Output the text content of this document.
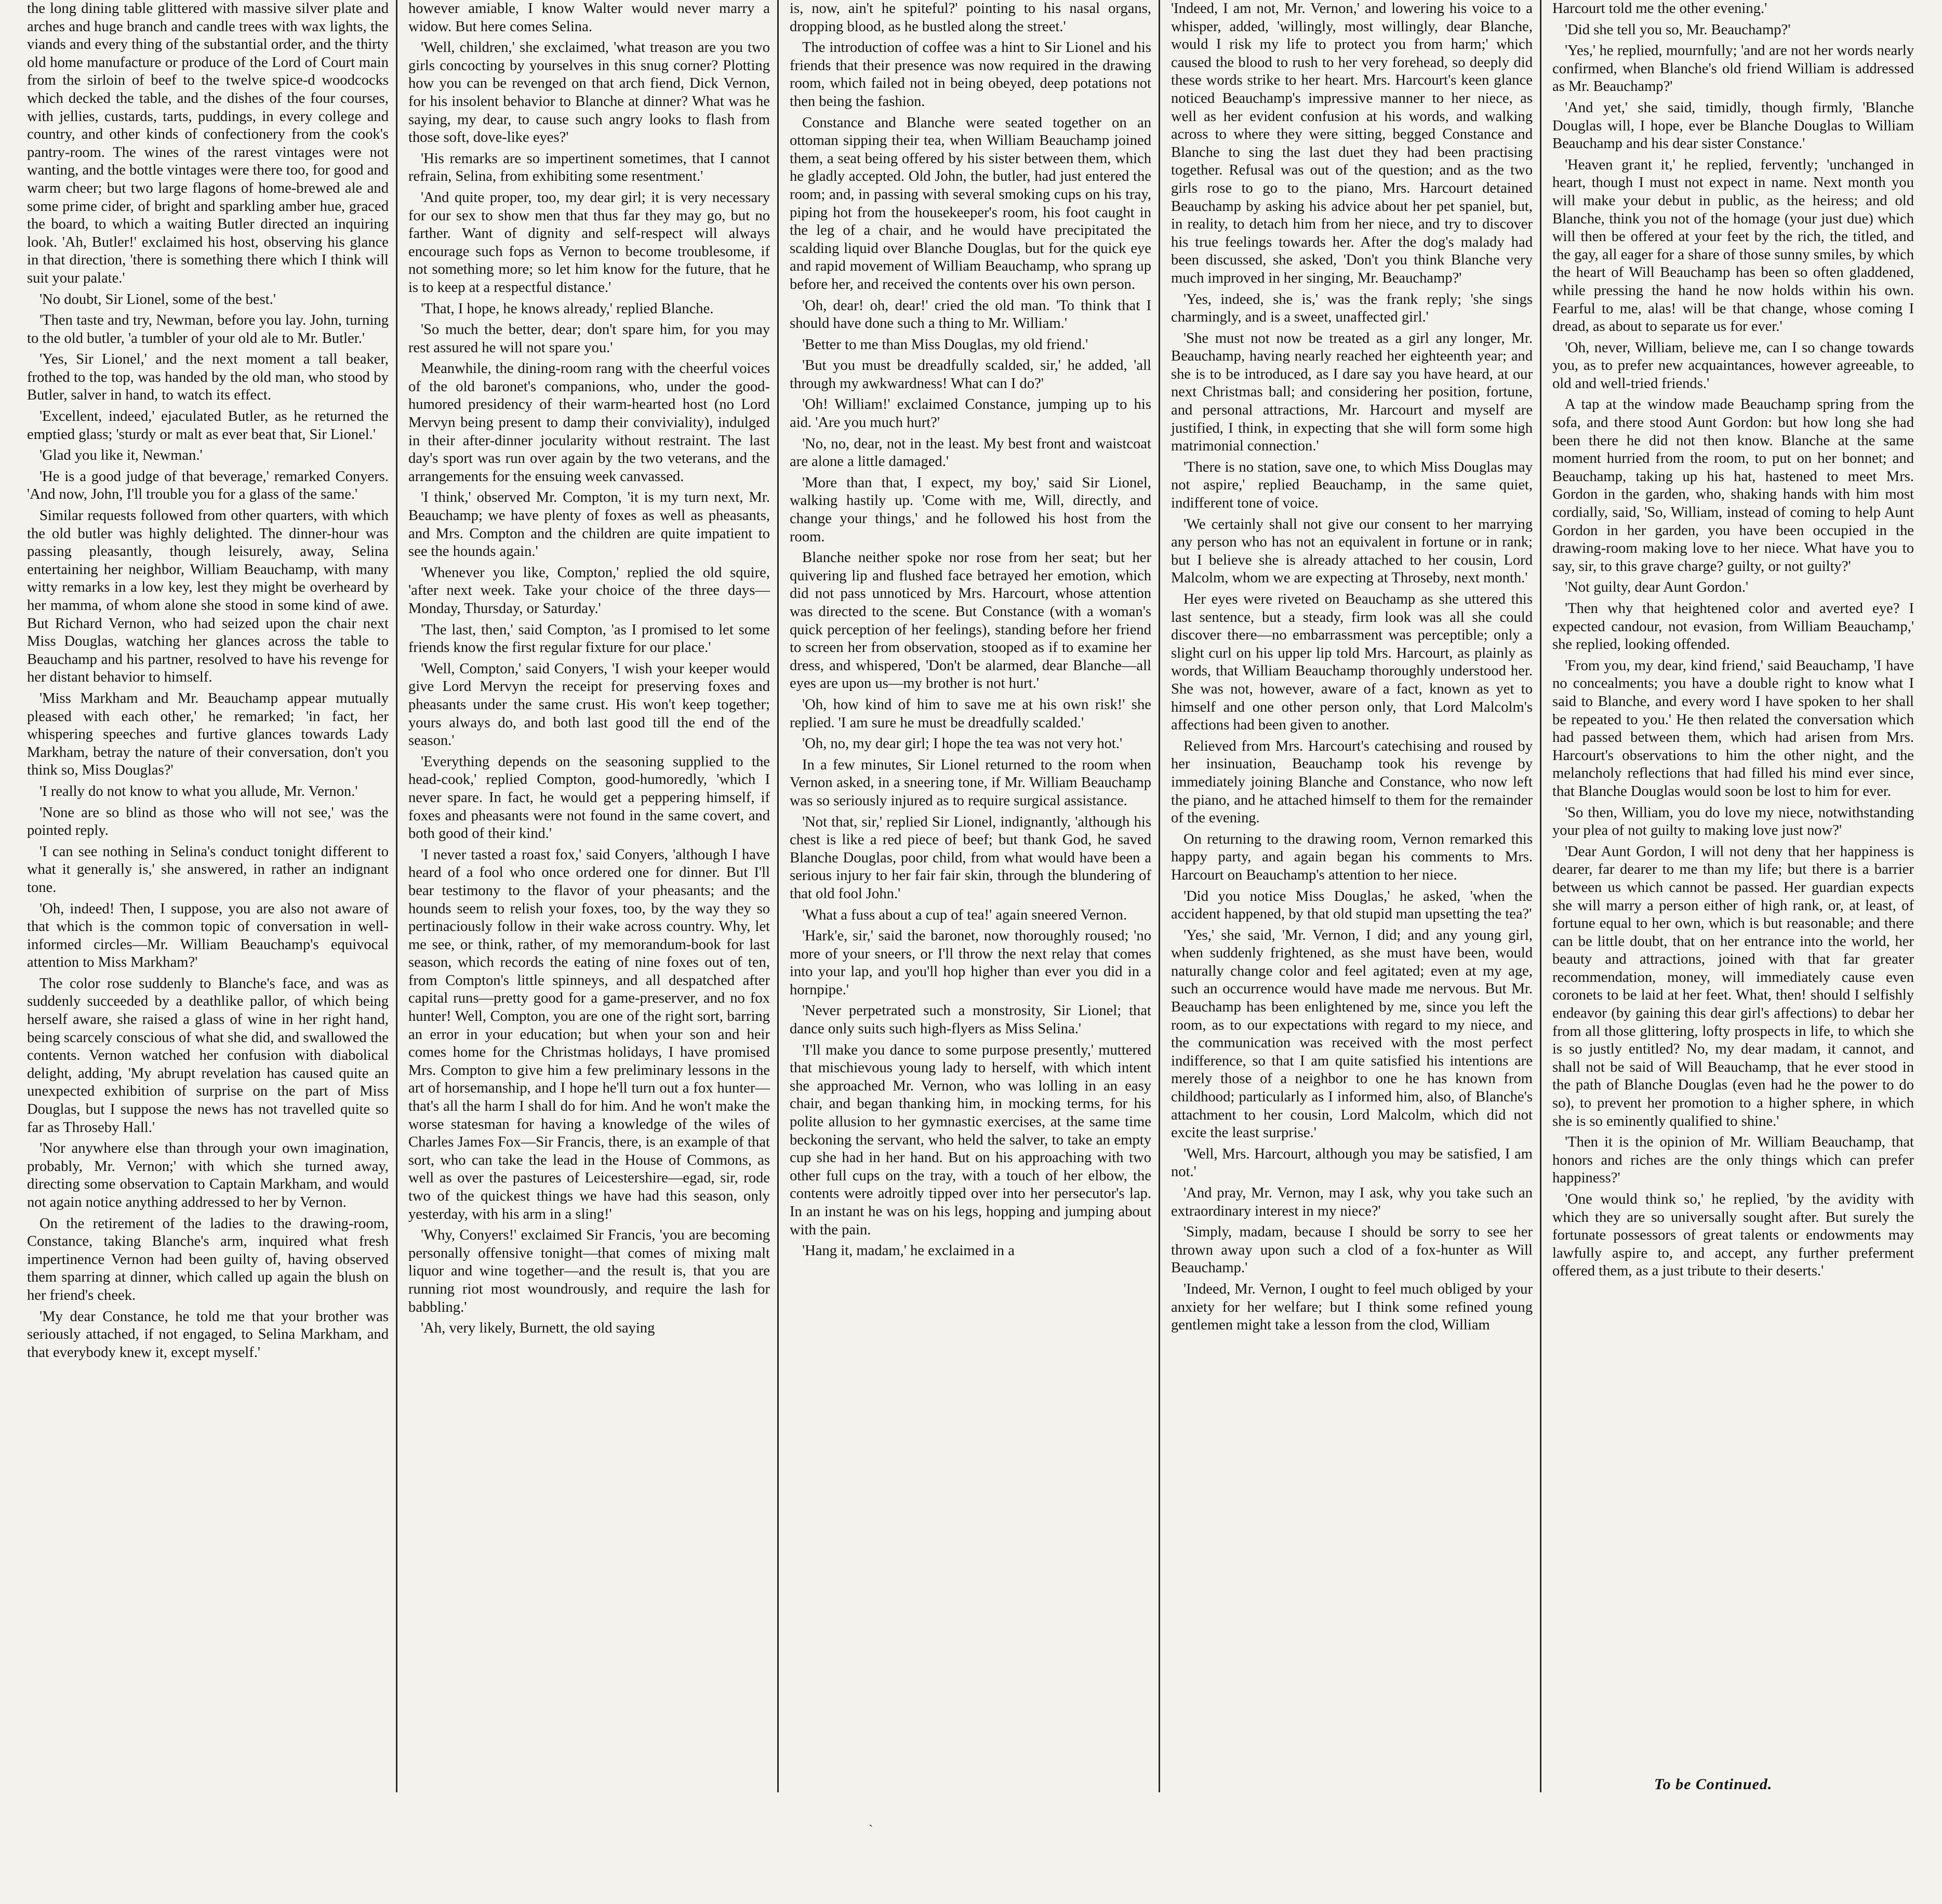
the long dining table glittered with massive silver plate and arches and huge branch and candle trees with wax lights, the viands and every thing of the substantial order, and the thirty old home manufacture or produce of the Lord of Court main from the sirloin of beef to the twelve spice-d woodcocks which decked the table, and the dishes of the four courses, with jellies, custards, tarts, puddings, in every college and country, and other kinds of confectionery from the cook's pantry-room. The wines of the rarest vintages were not wanting, and the bottle vintages were there too, for good and warm cheer; but two large flagons of home-brewed ale and some prime cider, of bright and sparkling amber hue, graced the board, to which a waiting Butler directed an inquiring look. 'Ah, Butler!' exclaimed his host, observing his glance in that direction, 'there is something there which I think will suit your palate.'

'No doubt, Sir Lionel, some of the best.'

'Then taste and try, Newman, before you lay. John, turning to the old butler, 'a tumbler of your old ale to Mr. Butler.'

'Yes, Sir Lionel,' and the next moment a tall beaker, frothed to the top, was handed by the old man, who stood by Butler, salver in hand, to watch its effect.

'Excellent, indeed,' ejaculated Butler, as he returned the emptied glass; 'sturdy or malt as ever beat that, Sir Lionel.'

'Glad you like it, Newman.'

'He is a good judge of that beverage,' remarked Conyers. 'And now, John, I'll trouble you for a glass of the same.'

Similar requests followed from other quarters, with which the old butler was highly delighted. The dinner-hour was passing pleasantly, though leisurely, away, Selina entertaining her neighbor, William Beauchamp, with many witty remarks in a low key, lest they might be overheard by her mamma, of whom alone she stood in some kind of awe. But Richard Vernon, who had seized upon the chair next Miss Douglas, watching her glances across the table to Beauchamp and his partner, resolved to have his revenge for her distant behavior to himself.

'Miss Markham and Mr. Beauchamp appear mutually pleased with each other,' he remarked; 'in fact, her whispering speeches and furtive glances towards Lady Markham, betray the nature of their conversation, don't you think so, Miss Douglas?'

'I really do not know to what you allude, Mr. Vernon.'

'None are so blind as those who will not see,' was the pointed reply.

'I can see nothing in Selina's conduct tonight different to what it generally is,' she answered, in rather an indignant tone.

'Oh, indeed! Then, I suppose, you are also not aware of that which is the common topic of conversation in well-informed circles—Mr. William Beauchamp's equivocal attention to Miss Markham?'

The color rose suddenly to Blanche's face, and was as suddenly succeeded by a deathlike pallor, of which being herself aware, she raised a glass of wine in her right hand, being scarcely conscious of what she did, and swallowed the contents. Vernon watched her confusion with diabolical delight, adding, 'My abrupt revelation has caused quite an unexpected exhibition of surprise on the part of Miss Douglas, but I suppose the news has not travelled quite so far as Throseby Hall.'

'Nor anywhere else than through your own imagination, probably, Mr. Vernon;' with which she turned away, directing some observation to Captain Markham, and would not again notice anything addressed to her by Vernon.

On the retirement of the ladies to the drawing-room, Constance, taking Blanche's arm, inquired what fresh impertinence Vernon had been guilty of, having observed them sparring at dinner, which called up again the blush on her friend's cheek.

'My dear Constance, he told me that your brother was seriously attached, if not engaged, to Selina Markham, and that everybody knew it, except myself.'

however amiable, I know Walter would never marry a widow. But here comes Selina.

'Well, children,' she exclaimed, 'what treason are you two girls concocting by yourselves in this snug corner? Plotting how you can be revenged on that arch fiend, Dick Vernon, for his insolent behavior to Blanche at dinner? What was he saying, my dear, to cause such angry looks to flash from those soft, dove-like eyes?'

'His remarks are so impertinent sometimes, that I cannot refrain, Selina, from exhibiting some resentment.'

'And quite proper, too, my dear girl; it is very necessary for our sex to show men that thus far they may go, but no farther. Want of dignity and self-respect will always encourage such fops as Vernon to become troublesome, if not something more; so let him know for the future, that he is to keep at a respectful distance.'

'That, I hope, he knows already,' replied Blanche.

'So much the better, dear; don't spare him, for you may rest assured he will not spare you.'

Meanwhile, the dining-room rang with the cheerful voices of the old baronet's companions, who, under the good-humored presidency of their warm-hearted host (no Lord Mervyn being present to damp their conviviality), indulged in their after-dinner jocularity without restraint. The last day's sport was run over again by the two veterans, and the arrangements for the ensuing week canvassed.

'I think,' observed Mr. Compton, 'it is my turn next, Mr. Beauchamp; we have plenty of foxes as well as pheasants, and Mrs. Compton and the children are quite impatient to see the hounds again.'

'Whenever you like, Compton,' replied the old squire, 'after next week. Take your choice of the three days—Monday, Thursday, or Saturday.'

'The last, then,' said Compton, 'as I promised to let some friends know the first regular fixture for our place.'

'Well, Compton,' said Conyers, 'I wish your keeper would give Lord Mervyn the receipt for preserving foxes and pheasants under the same crust. His won't keep together; yours always do, and both last good till the end of the season.'

'Everything depends on the seasoning supplied to the head-cook,' replied Compton, good-humoredly, 'which I never spare. In fact, he would get a peppering himself, if foxes and pheasants were not found in the same covert, and both good of their kind.'

'I never tasted a roast fox,' said Conyers, 'although I have heard of a fool who once ordered one for dinner. But I'll bear testimony to the flavor of your pheasants; and the hounds seem to relish your foxes, too, by the way they so pertinaciously follow in their wake across country. Why, let me see, or think, rather, of my memorandum-book for last season, which records the eating of nine foxes out of ten, from Compton's little spinneys, and all despatched after capital runs—pretty good for a game-preserver, and no fox hunter! Well, Compton, you are one of the right sort, barring an error in your education; but when your son and heir comes home for the Christmas holidays, I have promised Mrs. Compton to give him a few preliminary lessons in the art of horsemanship, and I hope he'll turn out a fox hunter—that's all the harm I shall do for him. And he won't make the worse statesman for having a knowledge of the wiles of Charles James Fox—Sir Francis, there, is an example of that sort, who can take the lead in the House of Commons, as well as over the pastures of Leicestershire—egad, sir, rode two of the quickest things we have had this season, only yesterday, with his arm in a sling!'

'Why, Conyers!' exclaimed Sir Francis, 'you are becoming personally offensive tonight—that comes of mixing malt liquor and wine together—and the result is, that you are running riot most woundrously, and require the lash for babbling.'

'Ah, very likely, Burnett, the old saying

is, now, ain't he spiteful?' pointing to his nasal organs, dropping blood, as he bustled along the street.'

The introduction of coffee was a hint to Sir Lionel and his friends that their presence was now required in the drawing room, which failed not in being obeyed, deep potations not then being the fashion.

Constance and Blanche were seated together on an ottoman sipping their tea, when William Beauchamp joined them, a seat being offered by his sister between them, which he gladly accepted. Old John, the butler, had just entered the room; and, in passing with several smoking cups on his tray, piping hot from the housekeeper's room, his foot caught in the leg of a chair, and he would have precipitated the scalding liquid over Blanche Douglas, but for the quick eye and rapid movement of William Beauchamp, who sprang up before her, and received the contents over his own person.

'Oh, dear! oh, dear!' cried the old man. 'To think that I should have done such a thing to Mr. William.'

'Better to me than Miss Douglas, my old friend.'

'But you must be dreadfully scalded, sir,' he added, 'all through my awkwardness! What can I do?'

'Oh! William!' exclaimed Constance, jumping up to his aid. 'Are you much hurt?'

'No, no, dear, not in the least. My best front and waistcoat are alone a little damaged.'

'More than that, I expect, my boy,' said Sir Lionel, walking hastily up. 'Come with me, Will, directly, and change your things,' and he followed his host from the room.

Blanche neither spoke nor rose from her seat; but her quivering lip and flushed face betrayed her emotion, which did not pass unnoticed by Mrs. Harcourt, whose attention was directed to the scene. But Constance (with a woman's quick perception of her feelings), standing before her friend to screen her from observation, stooped as if to examine her dress, and whispered, 'Don't be alarmed, dear Blanche—all eyes are upon us—my brother is not hurt.'

'Oh, how kind of him to save me at his own risk!' she replied. 'I am sure he must be dreadfully scalded.'

'Oh, no, my dear girl; I hope the tea was not very hot.'

In a few minutes, Sir Lionel returned to the room when Vernon asked, in a sneering tone, if Mr. William Beauchamp was so seriously injured as to require surgical assistance.

'Not that, sir,' replied Sir Lionel, indignantly, 'although his chest is like a red piece of beef; but thank God, he saved Blanche Douglas, poor child, from what would have been a serious injury to her fair fair skin, through the blundering of that old fool John.'

'What a fuss about a cup of tea!' again sneered Vernon.

'Hark'e, sir,' said the baronet, now thoroughly roused; 'no more of your sneers, or I'll throw the next relay that comes into your lap, and you'll hop higher than ever you did in a hornpipe.'

'Never perpetrated such a monstrosity, Sir Lionel; that dance only suits such high-flyers as Miss Selina.'

'I'll make you dance to some purpose presently,' muttered that mischievous young lady to herself, with which intent she approached Mr. Vernon, who was lolling in an easy chair, and began thanking him, in mocking terms, for his polite allusion to her gymnastic exercises, at the same time beckoning the servant, who held the salver, to take an empty cup she had in her hand. But on his approaching with two other full cups on the tray, with a touch of her elbow, the contents were adroitly tipped over into her persecutor's lap. In an instant he was on his legs, hopping and jumping about with the pain.

'Hang it, madam,' he exclaimed in a

'Indeed, I am not, Mr. Vernon,' and lowering his voice to a whisper, added, 'willingly, most willingly, dear Blanche, would I risk my life to protect you from harm;' which caused the blood to rush to her very forehead, so deeply did these words strike to her heart. Mrs. Harcourt's keen glance noticed Beauchamp's impressive manner to her niece, as well as her evident confusion at his words, and walking across to where they were sitting, begged Constance and Blanche to sing the last duet they had been practising together. Refusal was out of the question; and as the two girls rose to go to the piano, Mrs. Harcourt detained Beauchamp by asking his advice about her pet spaniel, but, in reality, to detach him from her niece, and try to discover his true feelings towards her. After the dog's malady had been discussed, she asked, 'Don't you think Blanche very much improved in her singing, Mr. Beauchamp?'

'Yes, indeed, she is,' was the frank reply; 'she sings charmingly, and is a sweet, unaffected girl.'

'She must not now be treated as a girl any longer, Mr. Beauchamp, having nearly reached her eighteenth year; and she is to be introduced, as I dare say you have heard, at our next Christmas ball; and considering her position, fortune, and personal attractions, Mr. Harcourt and myself are justified, I think, in expecting that she will form some high matrimonial connection.'

'There is no station, save one, to which Miss Douglas may not aspire,' replied Beauchamp, in the same quiet, indifferent tone of voice.

'We certainly shall not give our consent to her marrying any person who has not an equivalent in fortune or in rank; but I believe she is already attached to her cousin, Lord Malcolm, whom we are expecting at Throseby, next month.'

Her eyes were riveted on Beauchamp as she uttered this last sentence, but a steady, firm look was all she could discover there—no embarrassment was perceptible; only a slight curl on his upper lip told Mrs. Harcourt, as plainly as words, that William Beauchamp thoroughly understood her. She was not, however, aware of a fact, known as yet to himself and one other person only, that Lord Malcolm's affections had been given to another.

Relieved from Mrs. Harcourt's catechising and roused by her insinuation, Beauchamp took his revenge by immediately joining Blanche and Constance, who now left the piano, and he attached himself to them for the remainder of the evening.

On returning to the drawing room, Vernon remarked this happy party, and again began his comments to Mrs. Harcourt on Beauchamp's attention to her niece.

'Did you notice Miss Douglas,' he asked, 'when the accident happened, by that old stupid man upsetting the tea?'

'Yes,' she said, 'Mr. Vernon, I did; and any young girl, when suddenly frightened, as she must have been, would naturally change color and feel agitated; even at my age, such an occurrence would have made me nervous. But Mr. Beauchamp has been enlightened by me, since you left the room, as to our expectations with regard to my niece, and the communication was received with the most perfect indifference, so that I am quite satisfied his intentions are merely those of a neighbor to one he has known from childhood; particularly as I informed him, also, of Blanche's attachment to her cousin, Lord Malcolm, which did not excite the least surprise.'

'Well, Mrs. Harcourt, although you may be satisfied, I am not.'

'And pray, Mr. Vernon, may I ask, why you take such an extraordinary interest in my niece?'

'Simply, madam, because I should be sorry to see her thrown away upon such a clod of a fox-hunter as Will Beauchamp.'

'Indeed, Mr. Vernon, I ought to feel much obliged by your anxiety for her welfare; but I think some refined young gentlemen might take a lesson from the clod, William

Harcourt told me the other evening.'

'Did she tell you so, Mr. Beauchamp?'

'Yes,' he replied, mournfully; 'and are not her words nearly confirmed, when Blanche's old friend William is addressed as Mr. Beauchamp?'

'And yet,' she said, timidly, though firmly, 'Blanche Douglas will, I hope, ever be Blanche Douglas to William Beauchamp and his dear sister Constance.'

'Heaven grant it,' he replied, fervently; 'unchanged in heart, though I must not expect in name. Next month you will make your debut in public, as the heiress; and old Blanche, think you not of the homage (your just due) which will then be offered at your feet by the rich, the titled, and the gay, all eager for a share of those sunny smiles, by which the heart of Will Beauchamp has been so often gladdened, while pressing the hand he now holds within his own. Fearful to me, alas! will be that change, whose coming I dread, as about to separate us for ever.'

'Oh, never, William, believe me, can I so change towards you, as to prefer new acquaintances, however agreeable, to old and well-tried friends.'

A tap at the window made Beauchamp spring from the sofa, and there stood Aunt Gordon: but how long she had been there he did not then know. Blanche at the same moment hurried from the room, to put on her bonnet; and Beauchamp, taking up his hat, hastened to meet Mrs. Gordon in the garden, who, shaking hands with him most cordially, said, 'So, William, instead of coming to help Aunt Gordon in her garden, you have been occupied in the drawing-room making love to her niece. What have you to say, sir, to this grave charge? guilty, or not guilty?'

'Not guilty, dear Aunt Gordon.'

'Then why that heightened color and averted eye? I expected candour, not evasion, from William Beauchamp,' she replied, looking offended.

'From you, my dear, kind friend,' said Beauchamp, 'I have no concealments; you have a double right to know what I said to Blanche, and every word I have spoken to her shall be repeated to you.' He then related the conversation which had passed between them, which had arisen from Mrs. Harcourt's observations to him the other night, and the melancholy reflections that had filled his mind ever since, that Blanche Douglas would soon be lost to him for ever.

'So then, William, you do love my niece, notwithstanding your plea of not guilty to making love just now?'

'Dear Aunt Gordon, I will not deny that her happiness is dearer, far dearer to me than my life; but there is a barrier between us which cannot be passed. Her guardian expects she will marry a person either of high rank, or, at least, of fortune equal to her own, which is but reasonable; and there can be little doubt, that on her entrance into the world, her beauty and attractions, joined with that far greater recommendation, money, will immediately cause even coronets to be laid at her feet. What, then! should I selfishly endeavor (by gaining this dear girl's affections) to debar her from all those glittering, lofty prospects in life, to which she is so justly entitled? No, my dear madam, it cannot, and shall not be said of Will Beauchamp, that he ever stood in the path of Blanche Douglas (even had he the power to do so), to prevent her promotion to a higher sphere, in which she is so eminently qualified to shine.'

'Then it is the opinion of Mr. William Beauchamp, that honors and riches are the only things which can prefer happiness?'

'One would think so,' he replied, 'by the avidity with which they are so universally sought after. But surely the fortunate possessors of great talents or endowments may lawfully aspire to, and accept, any further preferment offered them, as a just tribute to their deserts.'

To be Continued.
`
